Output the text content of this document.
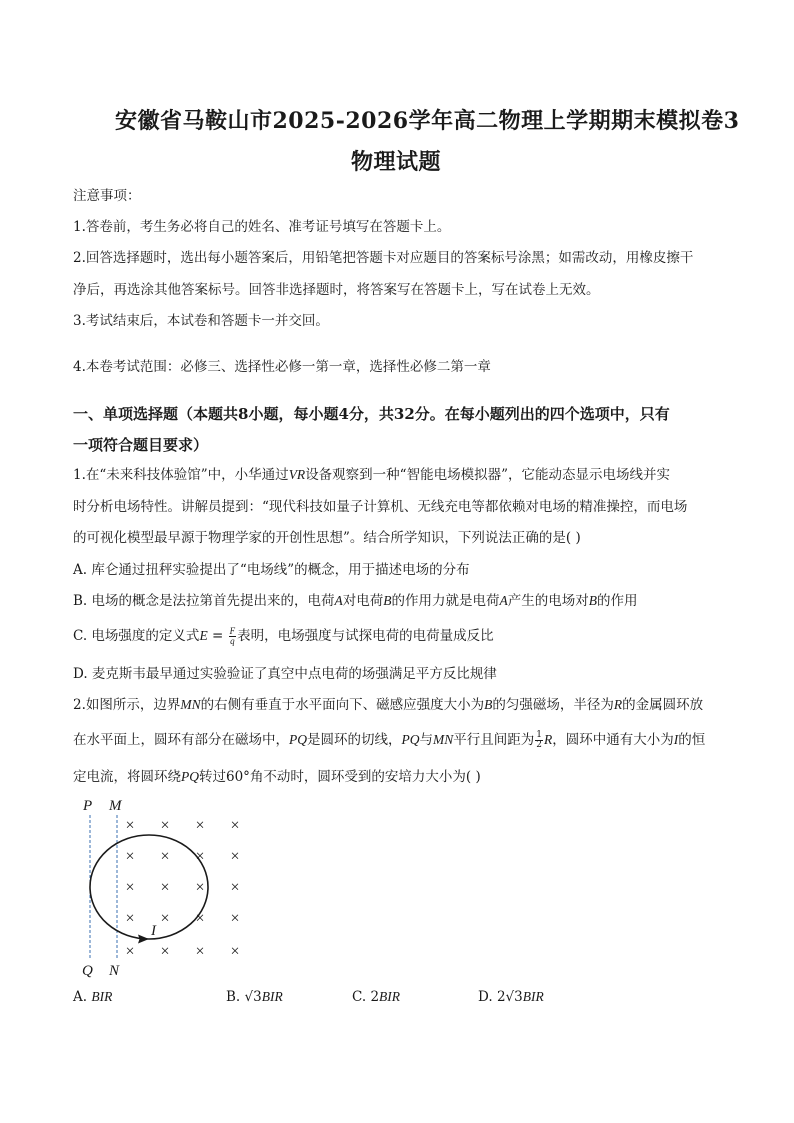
安徽省马鞍山市2025-2026学年高二物理上学期期末模拟卷3
物理试题
注意事项：
1.答卷前，考生务必将自己的姓名、准考证号填写在答题卡上。
2.回答选择题时，选出每小题答案后，用铅笔把答题卡对应题目的答案标号涂黑；如需改动，用橡皮擦干
净后，再选涂其他答案标号。回答非选择题时，将答案写在答题卡上，写在试卷上无效。
3.考试结束后，本试卷和答题卡一并交回。
4.本卷考试范围：必修三、选择性必修一第一章，选择性必修二第一章
一、单项选择题（本题共8小题，每小题4分，共32分。在每小题列出的四个选项中，只有
一项符合题目要求）
1.在“未来科技体验馆”中，小华通过VR设备观察到一种“智能电场模拟器”，它能动态显示电场线并实
时分析电场特性。讲解员提到：“现代科技如量子计算机、无线充电等都依赖对电场的精准操控，而电场
的可视化模型最早源于物理学家的开创性思想”。结合所学知识，下列说法正确的是( )
A. 库仑通过扭秤实验提出了“电场线”的概念，用于描述电场的分布
B. 电场的概念是法拉第首先提出来的，电荷A对电荷B的作用力就是电荷A产生的电场对B的作用
C. 电场强度的定义式$E = \frac{F}{q}$ 表明，电场强度与试探电荷的电荷量成反比
D. 麦克斯韦最早通过实验验证了真空中点电荷的场强满足平方反比规律
2.如图所示，边界MN的右侧有垂直于水平面向下、磁感应强度大小为B的匀强磁场，半径为R的金属圆环放
在水平面上，圆环有部分在磁场中，PQ是圆环的切线，PQ与MN平行且间距为 $\frac{1}{2}$ R，圆环中通有大小为I的恒
定电流，将圆环绕PQ转过60°角不动时，圆环受到的安培力大小为( )
P M
I
× × × ×
× × × ×
× × × ×
× × × ×
× × × ×
Q N
A. BIR	B. √3BIR	C. 2BIR	D. 2√3BIR
